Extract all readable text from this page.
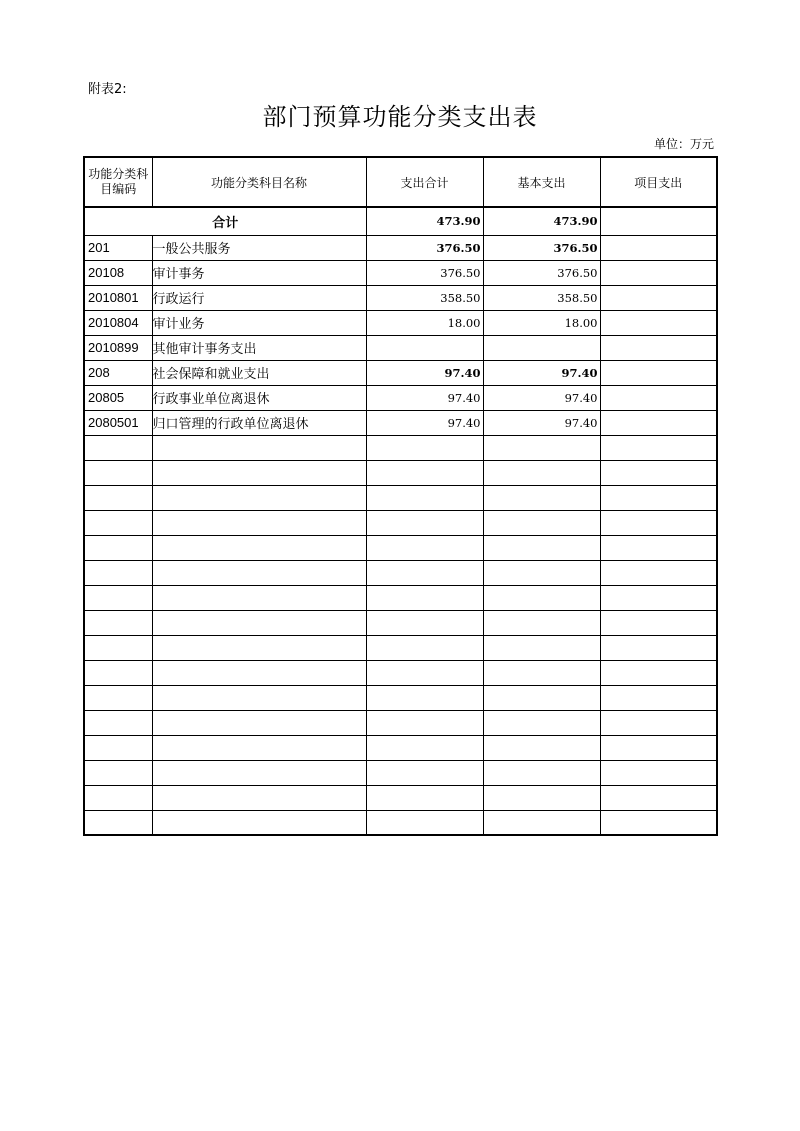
附表2:
部门预算功能分类支出表
单位：万元
功能分类科目编码	功能分类科目名称	支出合计	基本支出	项目支出
合计		473.90	473.90	
201	一般公共服务	376.50	376.50	
20108	审计事务	376.50	376.50	
2010801	行政运行	358.50	358.50	
2010804	审计业务	18.00	18.00	
2010899	其他审计事务支出			
208	社会保障和就业支出	97.40	97.40	
20805	行政事业单位离退休	97.40	97.40	
2080501	归口管理的行政单位离退休	97.40	97.40	
